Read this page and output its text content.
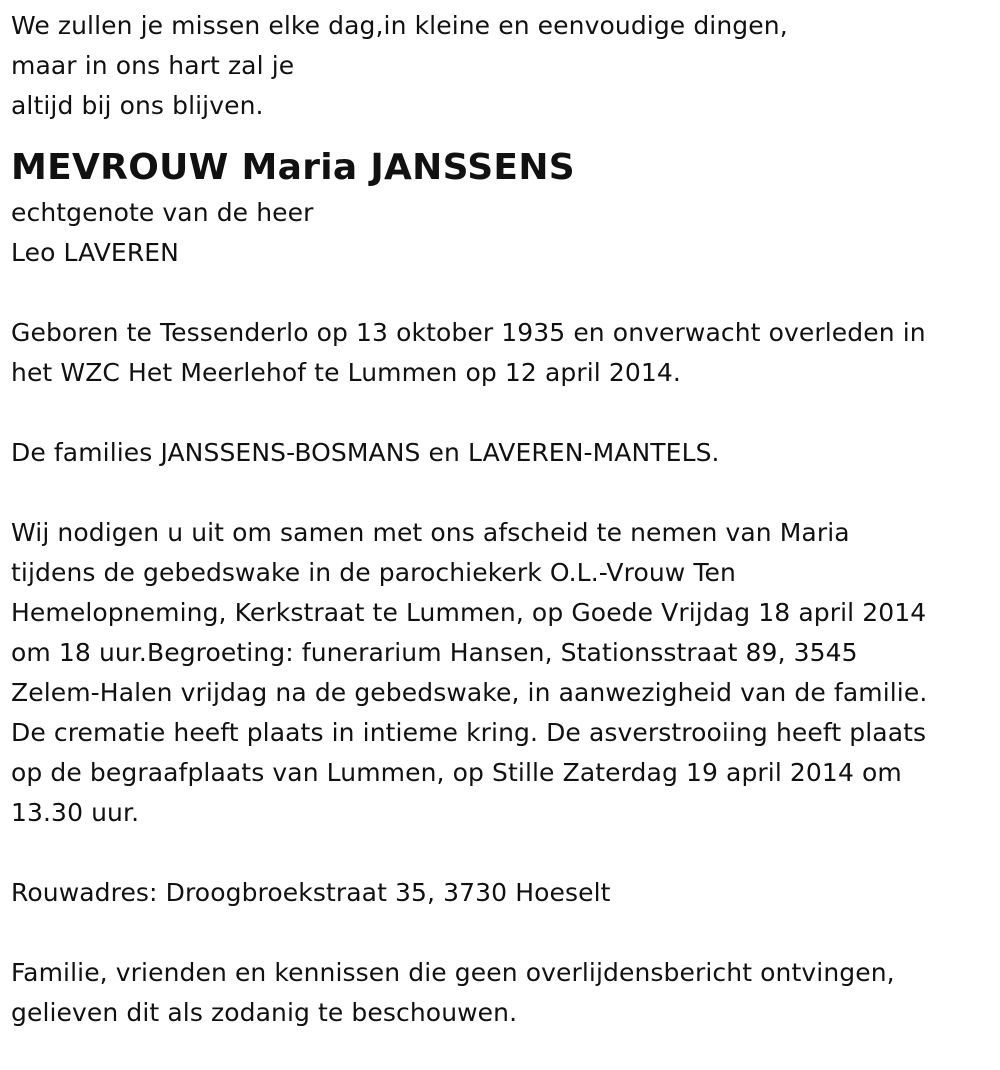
We zullen je missen elke dag,in kleine en eenvoudige dingen,
maar in ons hart zal je
altijd bij ons blijven.
MEVROUW Maria JANSSENS
echtgenote van de heer
Leo LAVEREN
Geboren te Tessenderlo op 13 oktober 1935 en onverwacht overleden in
het WZC Het Meerlehof te Lummen op 12 april 2014.
De families JANSSENS-BOSMANS en LAVEREN-MANTELS.
Wij nodigen u uit om samen met ons afscheid te nemen van Maria
tijdens de gebedswake in de parochiekerk O.L.-Vrouw Ten
Hemelopneming, Kerkstraat te Lummen, op Goede Vrijdag 18 april 2014
om 18 uur.Begroeting: funerarium Hansen, Stationsstraat 89, 3545
Zelem-Halen vrijdag na de gebedswake, in aanwezigheid van de familie.
De crematie heeft plaats in intieme kring. De asverstrooiing heeft plaats
op de begraafplaats van Lummen, op Stille Zaterdag 19 april 2014 om
13.30 uur.
Rouwadres: Droogbroekstraat 35, 3730 Hoeselt
Familie, vrienden en kennissen die geen overlijdensbericht ontvingen,
gelieven dit als zodanig te beschouwen.
